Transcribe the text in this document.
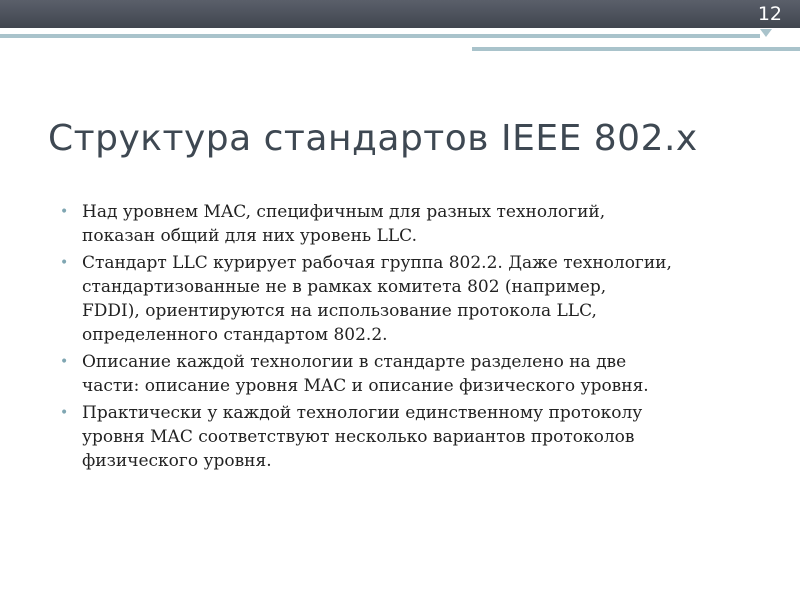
12
Структура стандартов IEEE 802.x
• Над уровнем MAC, специфичным для разных технологий,
показан общий для них уровень LLC.
• Стандарт LLC курирует рабочая группа 802.2. Даже технологии,
стандартизованные не в рамках комитета 802 (например,
FDDI), ориентируются на использование протокола LLC,
определенного стандартом 802.2.
• Описание каждой технологии в стандарте разделено на две
части: описание уровня MAC и описание физического уровня.
• Практически у каждой технологии единственному протоколу
уровня MAC соответствуют несколько вариантов протоколов
физического уровня.
